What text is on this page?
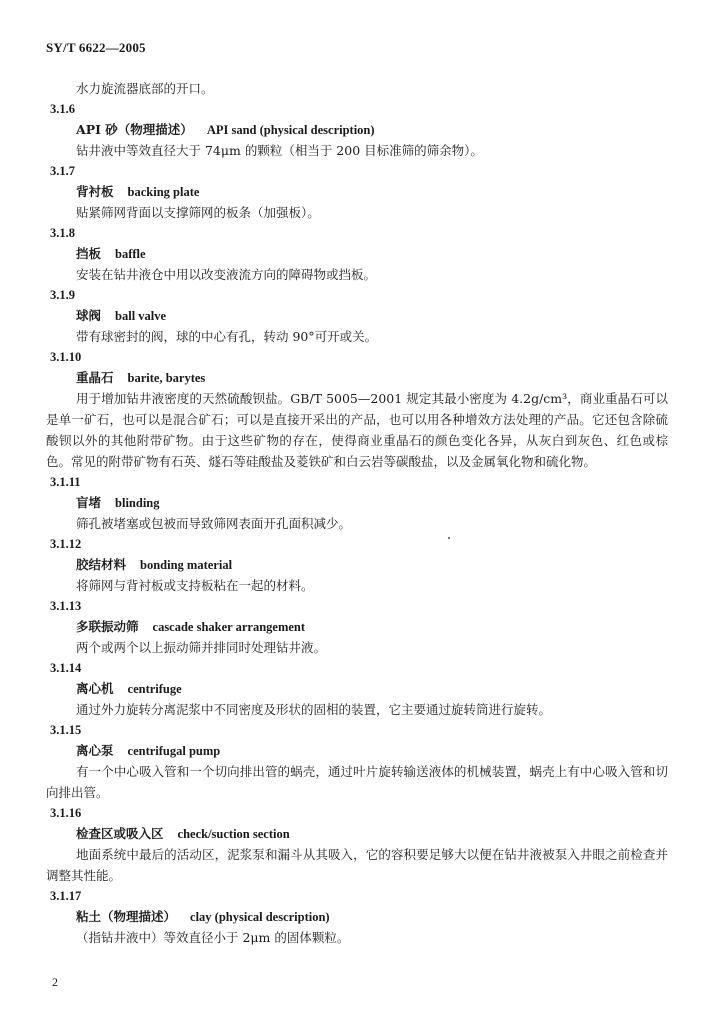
SY/T 6622—2005
水力旋流器底部的开口。
3.1.6
API 砂（物理描述） API sand (physical description)
钻井液中等效直径大于 74μm 的颗粒（相当于 200 目标准筛的筛余物）。
3.1.7
背衬板 backing plate
贴紧筛网背面以支撑筛网的板条（加强板）。
3.1.8
挡板 baffle
安装在钻井液仓中用以改变液流方向的障碍物或挡板。
3.1.9
球阀 ball valve
带有球密封的阀，球的中心有孔，转动 90°可开或关。
3.1.10
重晶石 barite, barytes
用于增加钻井液密度的天然硫酸钡盐。GB/T 5005—2001 规定其最小密度为 4.2g/cm³，商业重晶石可以是单一矿石，也可以是混合矿石；可以是直接开采出的产品，也可以用各种增效方法处理的产品。它还包含除硫酸钡以外的其他附带矿物。由于这些矿物的存在，使得商业重晶石的颜色变化各异，从灰白到灰色、红色或棕色。常见的附带矿物有石英、燧石等硅酸盐及菱铁矿和白云岩等碳酸盐，以及金属氧化物和硫化物。
3.1.11
盲堵 blinding
筛孔被堵塞或包被而导致筛网表面开孔面积减少。
3.1.12
胶结材料 bonding material
将筛网与背衬板或支持板粘在一起的材料。
3.1.13
多联振动筛 cascade shaker arrangement
两个或两个以上振动筛并排同时处理钻井液。
3.1.14
离心机 centrifuge
通过外力旋转分离泥浆中不同密度及形状的固相的装置，它主要通过旋转筒进行旋转。
3.1.15
离心泵 centrifugal pump
有一个中心吸入管和一个切向排出管的蜗壳，通过叶片旋转输送液体的机械装置，蜗壳上有中心吸入管和切向排出管。
3.1.16
检查区或吸入区 check/suction section
地面系统中最后的活动区，泥浆泵和漏斗从其吸入，它的容积要足够大以便在钻井液被泵入井眼之前检查并调整其性能。
3.1.17
粘土（物理描述） clay (physical description)
（指钻井液中）等效直径小于 2μm 的固体颗粒。
2
